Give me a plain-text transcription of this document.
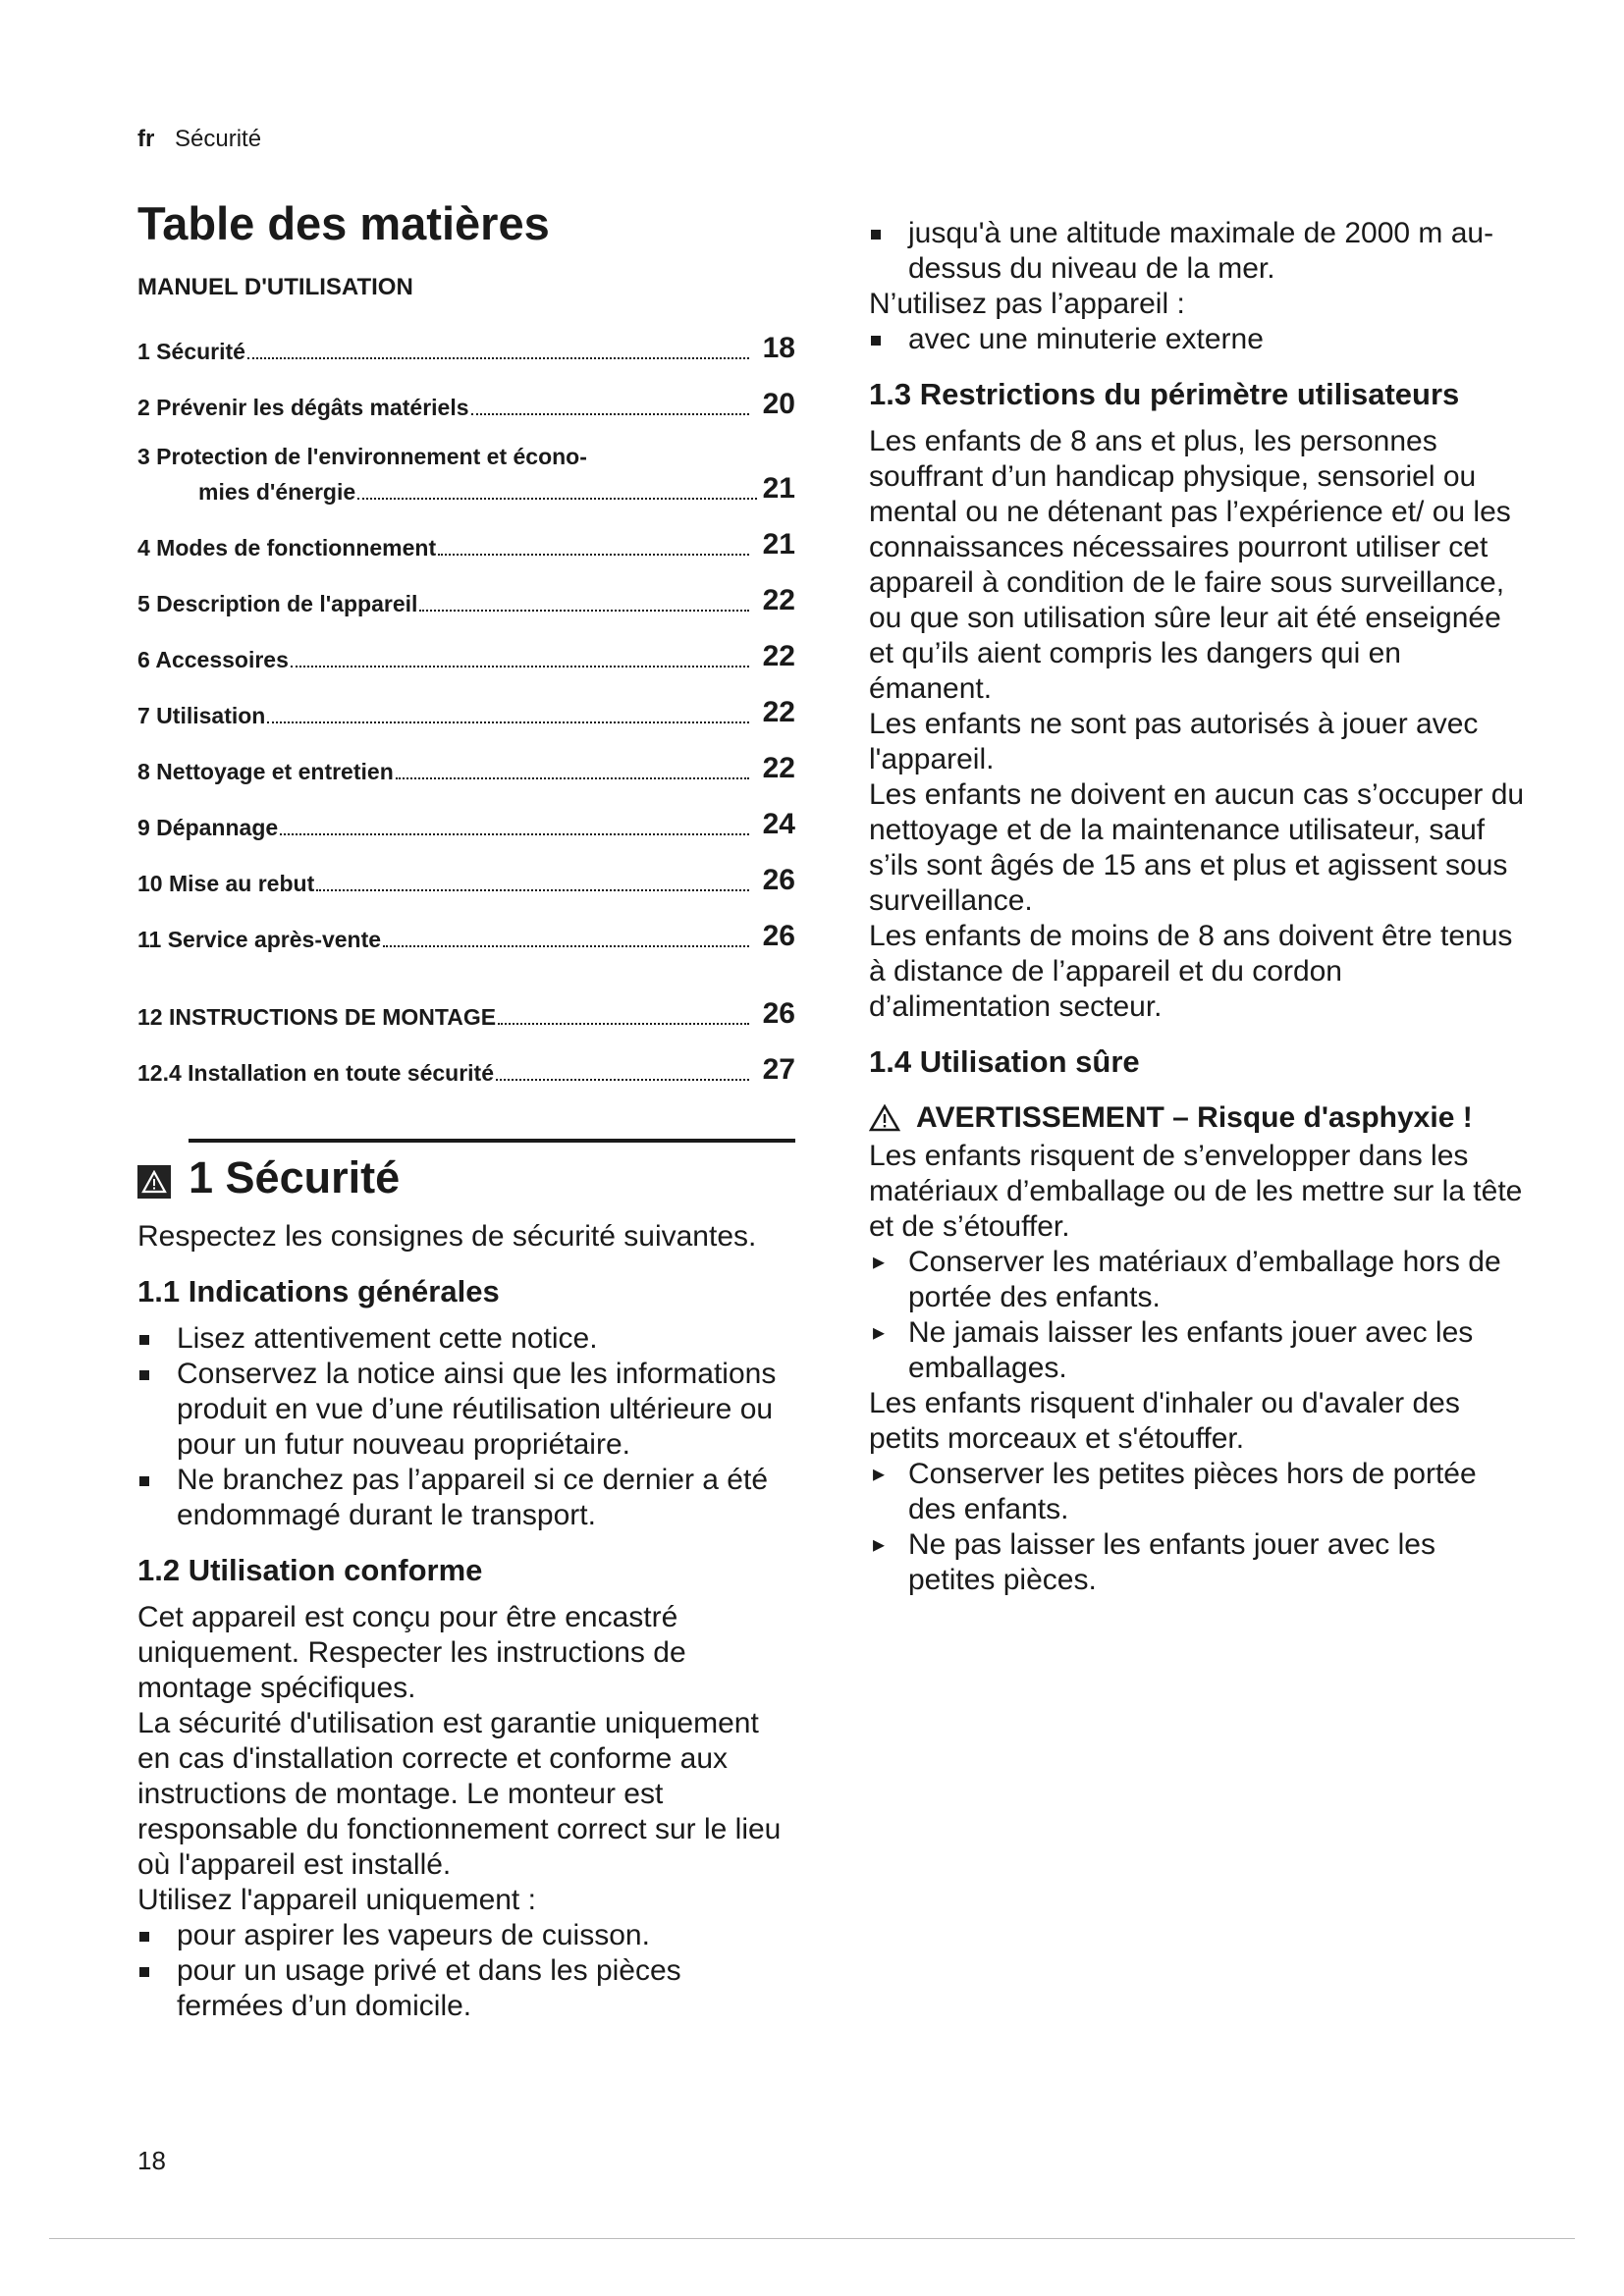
fr Sécurité
Table des matières
MANUEL D'UTILISATION
1 Sécurité	18
2 Prévenir les dégâts matériels	20
3 Protection de l'environnement et écono-
mies d'énergie	21
4 Modes de fonctionnement	21
5 Description de l'appareil	22
6 Accessoires	22
7 Utilisation	22
8 Nettoyage et entretien	22
9 Dépannage	24
10 Mise au rebut	26
11 Service après-vente	26
12 INSTRUCTIONS DE MONTAGE	26
12.4 Installation en toute sécurité	27
1 Sécurité

Respectez les consignes de sécurité suivantes.

1.1 Indications générales
Lisez attentivement cette notice.
Conservez la notice ainsi que les informations produit en vue d’une réutilisation ultérieure ou pour un futur nouveau propriétaire.
Ne branchez pas l’appareil si ce dernier a été endommagé durant le transport.
1.2 Utilisation conforme

Cet appareil est conçu pour être encastré uniquement. Respecter les instructions de montage spécifiques.

La sécurité d'utilisation est garantie uniquement en cas d'installation correcte et conforme aux instructions de montage. Le monteur est responsable du fonctionnement correct sur le lieu où l'appareil est installé.

Utilisez l'appareil uniquement :

pour aspirer les vapeurs de cuisson.
pour un usage privé et dans les pièces fermées d’un domicile.
jusqu'à une altitude maximale de 2000 m au-dessus du niveau de la mer.

N’utilisez pas l’appareil :

avec une minuterie externe
1.3 Restrictions du périmètre utilisateurs

Les enfants de 8 ans et plus, les personnes souffrant d’un handicap physique, sensoriel ou mental ou ne détenant pas l’expérience et/ ou les connaissances nécessaires pourront utiliser cet appareil à condition de le faire sous surveillance, ou que son utilisation sûre leur ait été enseignée et qu’ils aient compris les dangers qui en émanent.

Les enfants ne sont pas autorisés à jouer avec l'appareil.

Les enfants ne doivent en aucun cas s’occuper du nettoyage et de la maintenance utilisateur, sauf s’ils sont âgés de 15 ans et plus et agissent sous surveillance.

Les enfants de moins de 8 ans doivent être tenus à distance de l’appareil et du cordon d’alimentation secteur.

1.4 Utilisation sûre
AVERTISSEMENT – Risque d'asphyxie !

Les enfants risquent de s’envelopper dans les matériaux d’emballage ou de les mettre sur la tête et de s’étouffer.

▸ Conserver les matériaux d’emballage hors de portée des enfants.
▸ Ne jamais laisser les enfants jouer avec les emballages.

Les enfants risquent d'inhaler ou d'avaler des petits morceaux et s'étouffer.

▸ Conserver les petites pièces hors de portée des enfants.
▸ Ne pas laisser les enfants jouer avec les petites pièces.
18
